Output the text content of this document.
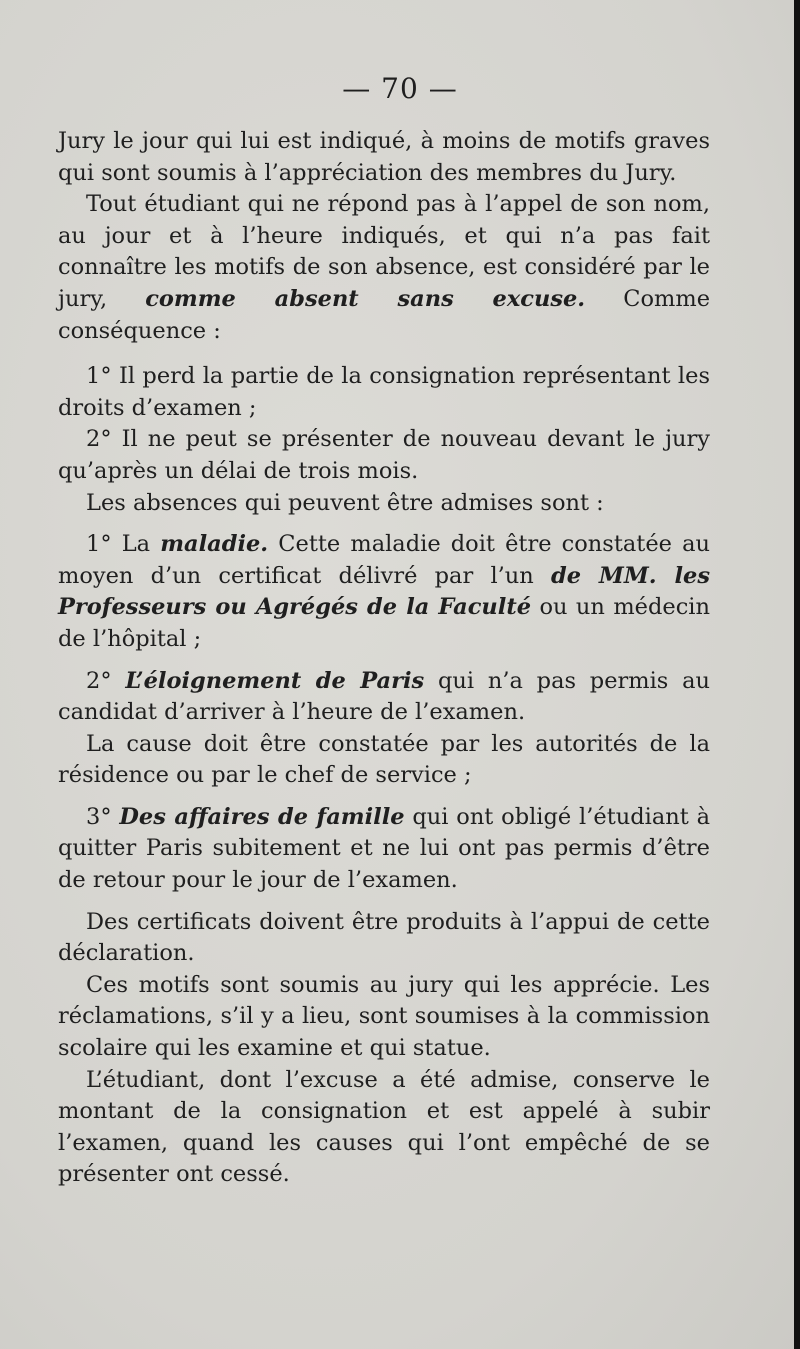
— 70 —

Jury le jour qui lui est indiqué, à moins de motifs graves qui sont soumis à l’appréciation des membres du Jury.

Tout étudiant qui ne répond pas à l’appel de son nom, au jour et à l’heure indiqués, et qui n’a pas fait connaître les motifs de son absence, est considéré par le jury, comme absent sans excuse. Comme conséquence :

1° Il perd la partie de la consignation représentant les droits d’examen ;

2° Il ne peut se présenter de nouveau devant le jury qu’après un délai de trois mois.

Les absences qui peuvent être admises sont :

1° La maladie. Cette maladie doit être constatée au moyen d’un certificat délivré par l’un de MM. les Professeurs ou Agrégés de la Faculté ou un médecin de l’hôpital ;

2° L’éloignement de Paris qui n’a pas permis au candidat d’arriver à l’heure de l’examen.

La cause doit être constatée par les autorités de la résidence ou par le chef de service ;

3° Des affaires de famille qui ont obligé l’étudiant à quitter Paris subitement et ne lui ont pas permis d’être de retour pour le jour de l’examen.

Des certificats doivent être produits à l’appui de cette déclaration.

Ces motifs sont soumis au jury qui les apprécie. Les réclamations, s’il y a lieu, sont soumises à la commission scolaire qui les examine et qui statue.

L’étudiant, dont l’excuse a été admise, conserve le montant de la consignation et est appelé à subir l’examen, quand les causes qui l’ont empêché de se présenter ont cessé.
